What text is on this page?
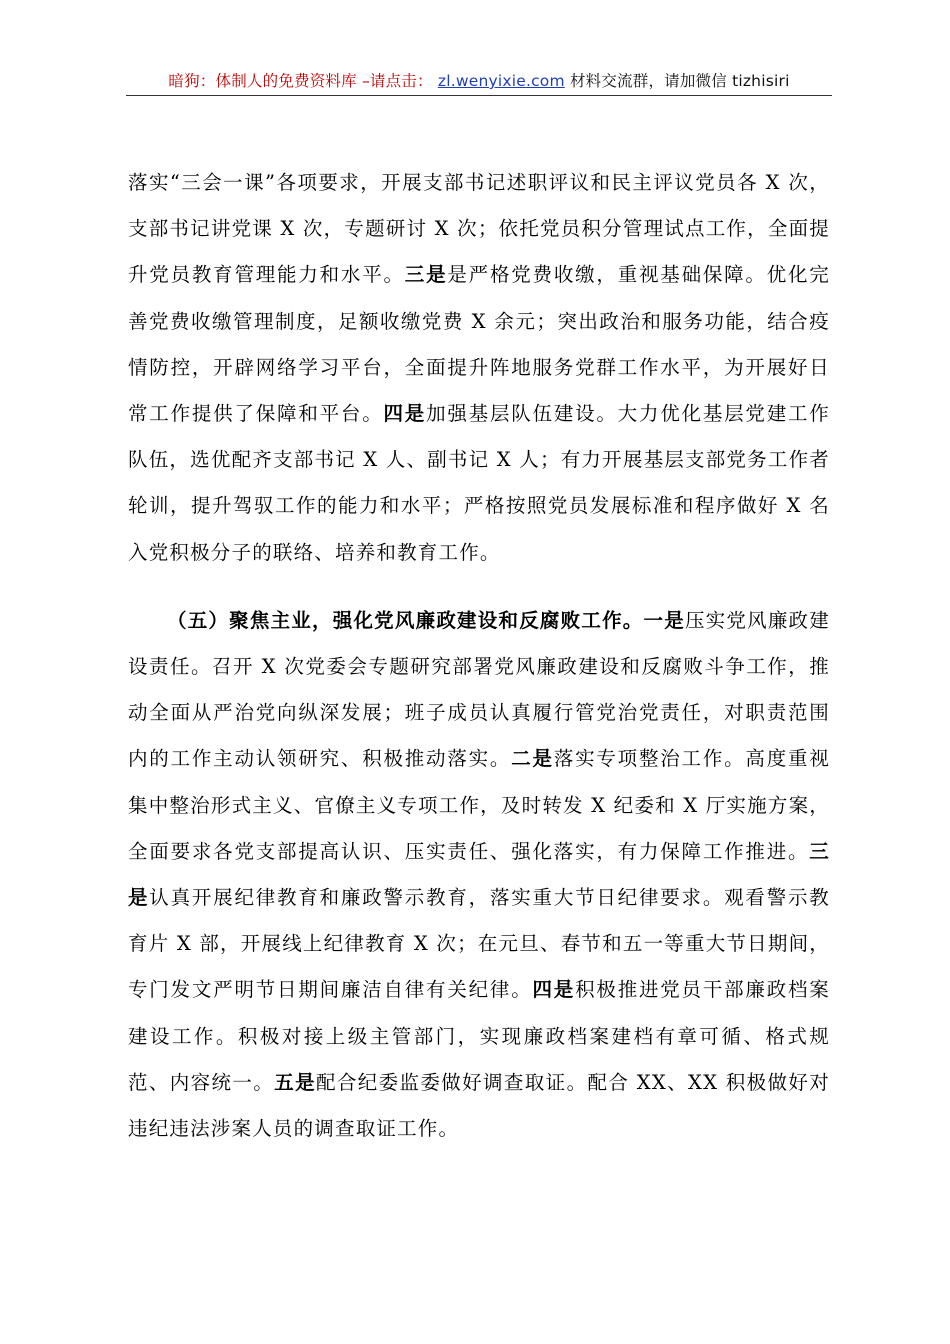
暗狗：体制人的免费资料库 –请点击： zl.wenyixie.com 材料交流群，请加微信 tizhisiri

落实“三会一课”各项要求，开展支部书记述职评议和民主评议党员各 X 次，支部书记讲党课 X 次，专题研讨 X 次；依托党员积分管理试点工作，全面提升党员教育管理能力和水平。三是是严格党费收缴，重视基础保障。优化完善党费收缴管理制度，足额收缴党费 X 余元；突出政治和服务功能，结合疫情防控，开辟网络学习平台，全面提升阵地服务党群工作水平，为开展好日常工作提供了保障和平台。四是加强基层队伍建设。大力优化基层党建工作队伍，选优配齐支部书记 X 人、副书记 X 人；有力开展基层支部党务工作者轮训，提升驾驭工作的能力和水平；严格按照党员发展标准和程序做好 X 名入党积极分子的联络、培养和教育工作。

（五）聚焦主业，强化党风廉政建设和反腐败工作。一是压实党风廉政建设责任。召开 X 次党委会专题研究部署党风廉政建设和反腐败斗争工作，推动全面从严治党向纵深发展；班子成员认真履行管党治党责任，对职责范围内的工作主动认领研究、积极推动落实。二是落实专项整治工作。高度重视集中整治形式主义、官僚主义专项工作，及时转发 X 纪委和 X 厅实施方案，全面要求各党支部提高认识、压实责任、强化落实，有力保障工作推进。三是认真开展纪律教育和廉政警示教育，落实重大节日纪律要求。观看警示教育片 X 部，开展线上纪律教育 X 次；在元旦、春节和五一等重大节日期间，专门发文严明节日期间廉洁自律有关纪律。四是积极推进党员干部廉政档案建设工作。积极对接上级主管部门，实现廉政档案建档有章可循、格式规范、内容统一。五是配合纪委监委做好调查取证。配合 XX、XX 积极做好对违纪违法涉案人员的调查取证工作。
